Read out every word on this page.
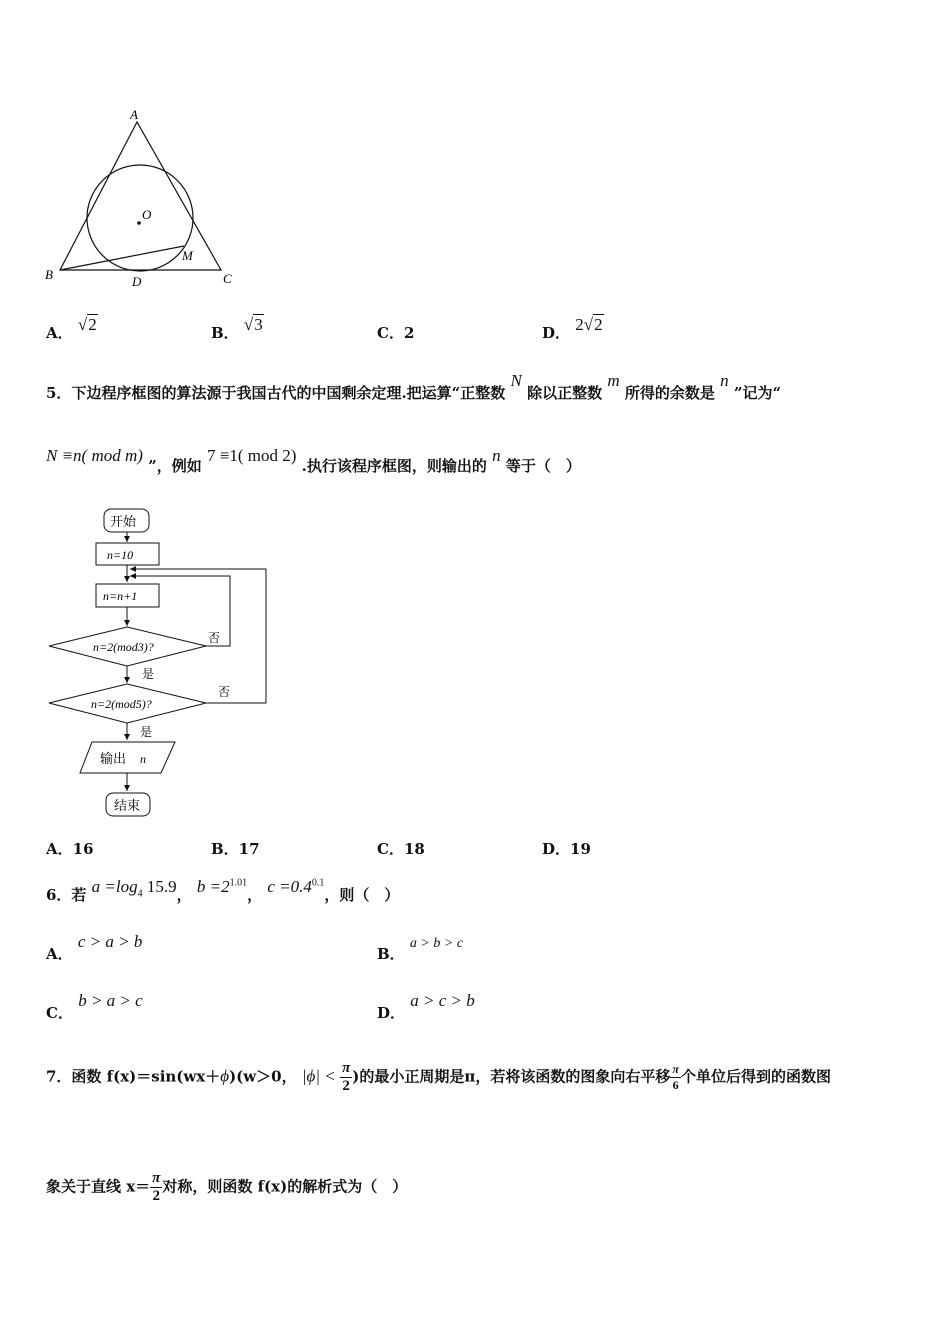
A
O
M
B	D	C
A． √2	B． √3	C．2	D． 2√2
5．下边程序框图的算法源于我国古代的中国剩余定理.把运算“正整数 N 除以正整数 m 所得的余数是 n ”记为“
N ≡n( mod m) ”，例如 7 ≡1( mod 2) .执行该程序框图，则输出的 n 等于（　）
开始
n=10
n=n+1
n=2(mod3)?
否
是
n=2(mod5)?
否
是
输出 n
结束
A．16	B．17	C．18	D．19
6．若 $a =\log_4$ 15.9， $b =2^{1.01}$， $c =0.4^{0.1}$，则（　）
A． c > a > b
B． a > b > c
C． b > a > c
D． a > c > b
7．函数 f(x)＝sin(wx＋ϕ)(w＞0， $|\phi| < \frac{\pi}{2}$ )的最小正周期是π，若将该函数的图象向右平移 $\frac{\pi}{6}$ 个单位后得到的函数图
象关于直线 $x= \frac{\pi}{2}$ 对称，则函数 f(x)的解析式为（　）
